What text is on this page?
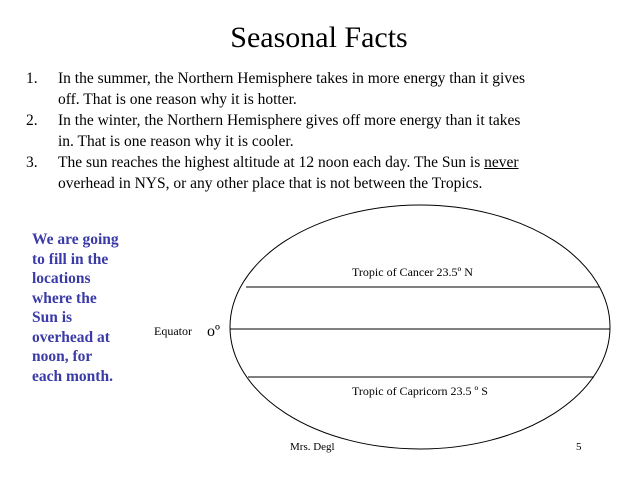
Seasonal Facts
1. In the summer, the Northern Hemisphere takes in more energy than it gives
off. That is one reason why it is hotter.
2. In the winter, the Northern Hemisphere gives off more energy than it takes
in. That is one reason why it is cooler.
3. The sun reaches the highest altitude at 12 noon each day. The Sun is never
overhead in NYS, or any other place that is not between the Tropics.
We are going
to fill in the
locations
where the
Sun is
overhead at
noon, for
each month.
Tropic of Cancer 23.5º N
Tropic of Capricorn 23.5 º S
Equator oº
Mrs. Degl	5
